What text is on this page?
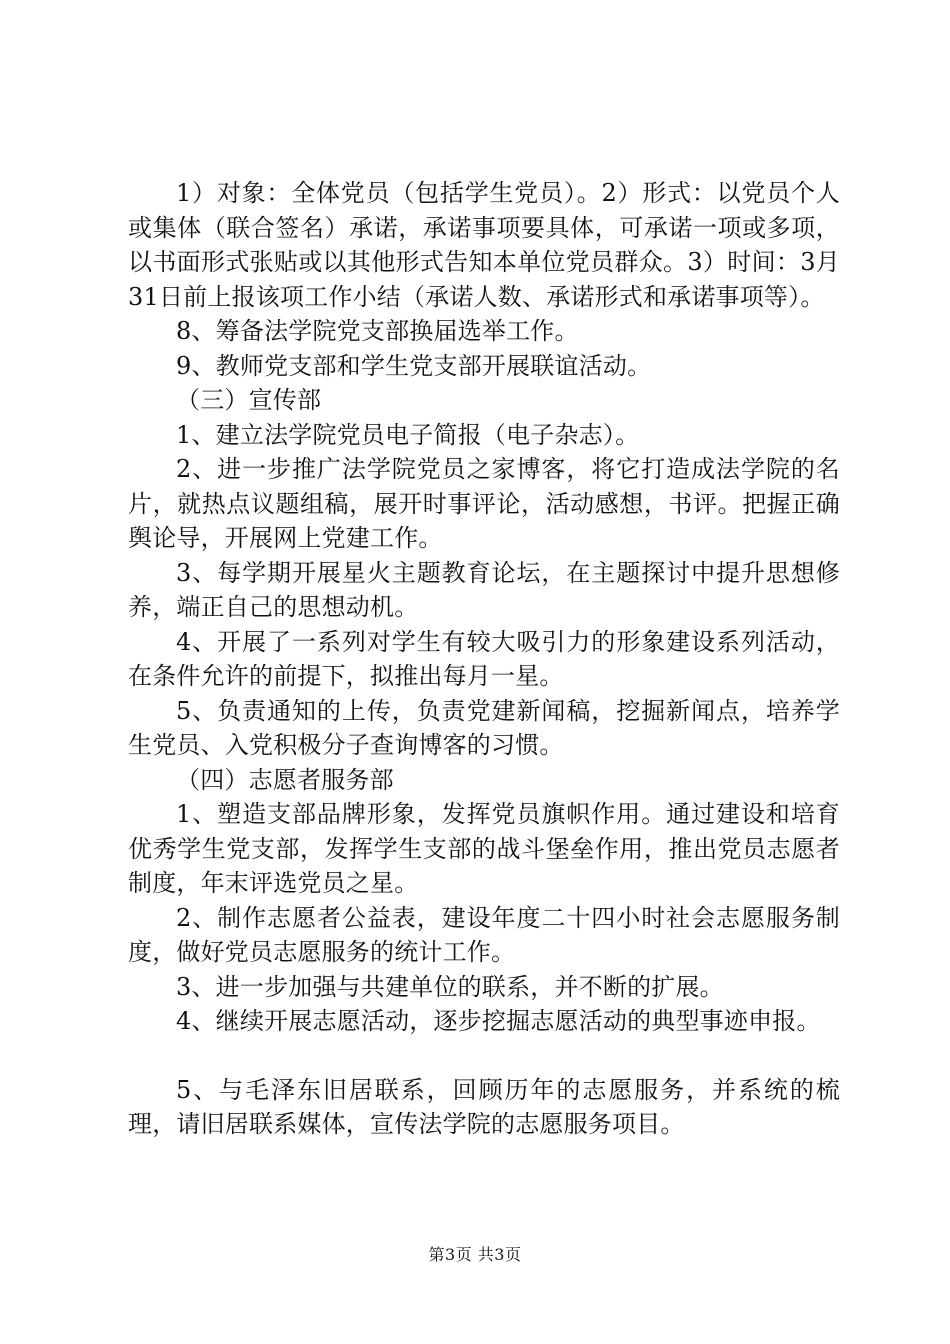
1）对象：全体党员（包括学生党员）。2）形式：以党员个人或集体（联合签名）承诺，承诺事项要具体，可承诺一项或多项，以书面形式张贴或以其他形式告知本单位党员群众。3）时间：3月31日前上报该项工作小结（承诺人数、承诺形式和承诺事项等）。

8、筹备法学院党支部换届选举工作。

9、教师党支部和学生党支部开展联谊活动。

（三）宣传部

1、建立法学院党员电子简报（电子杂志）。

2、进一步推广法学院党员之家博客，将它打造成法学院的名片，就热点议题组稿，展开时事评论，活动感想，书评。把握正确舆论导，开展网上党建工作。

3、每学期开展星火主题教育论坛，在主题探讨中提升思想修养，端正自己的思想动机。

4、开展了一系列对学生有较大吸引力的形象建设系列活动，在条件允许的前提下，拟推出每月一星。

5、负责通知的上传，负责党建新闻稿，挖掘新闻点，培养学生党员、入党积极分子查询博客的习惯。

（四）志愿者服务部

1、塑造支部品牌形象，发挥党员旗帜作用。通过建设和培育优秀学生党支部，发挥学生支部的战斗堡垒作用，推出党员志愿者制度，年末评选党员之星。

2、制作志愿者公益表，建设年度二十四小时社会志愿服务制度，做好党员志愿服务的统计工作。

3、进一步加强与共建单位的联系，并不断的扩展。

4、继续开展志愿活动，逐步挖掘志愿活动的典型事迹申报。

5、与毛泽东旧居联系，回顾历年的志愿服务，并系统的梳理，请旧居联系媒体，宣传法学院的志愿服务项目。

第3页 共3页
